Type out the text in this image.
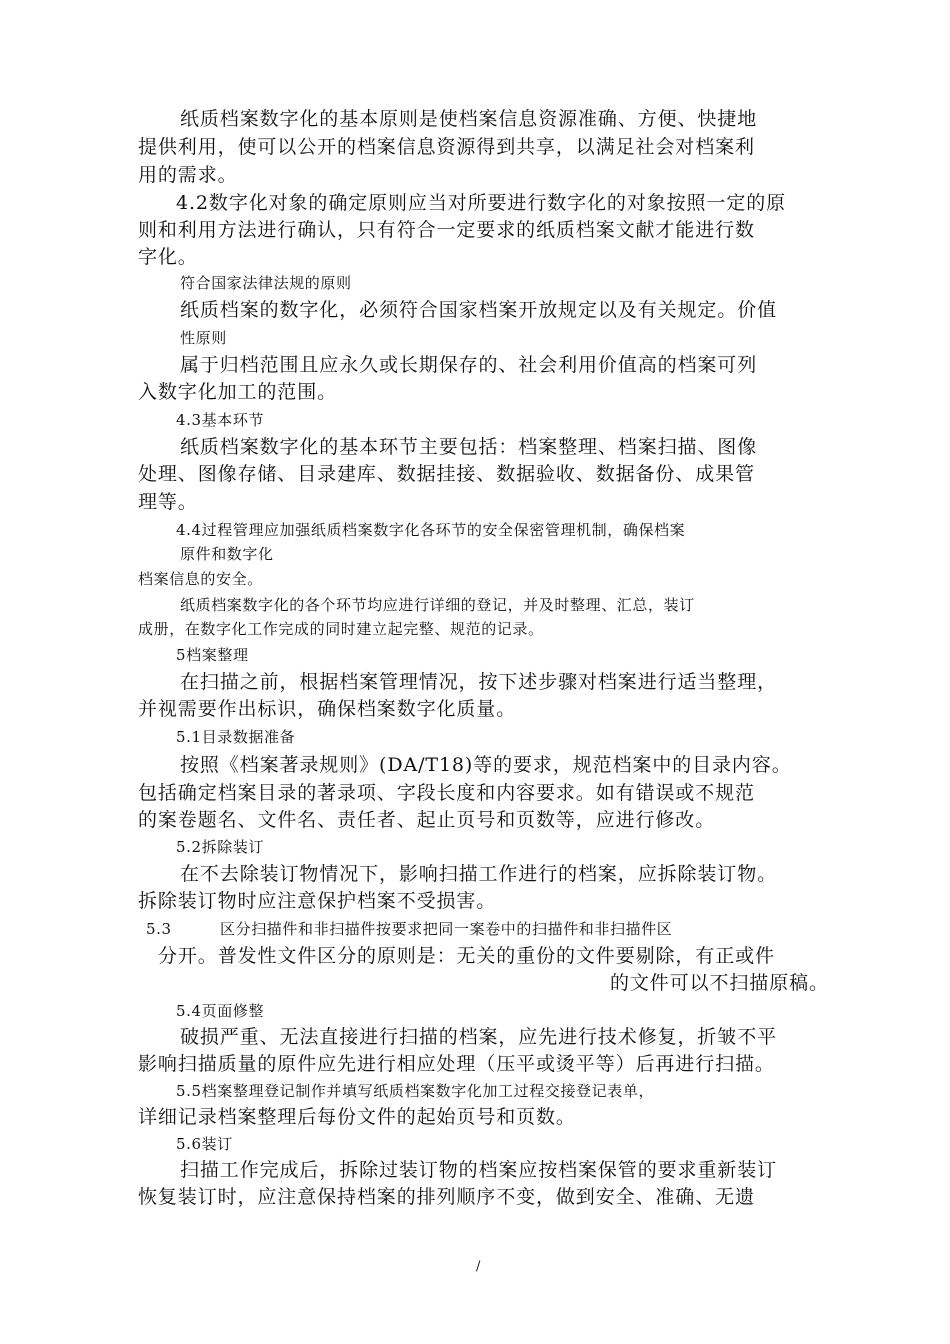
纸质档案数字化的基本原则是使档案信息资源准确、方便、快捷地
提供利用，使可以公开的档案信息资源得到共享，以满足社会对档案利
用的需求。
4.2数字化对象的确定原则应当对所要进行数字化的对象按照一定的原
则和利用方法进行确认，只有符合一定要求的纸质档案文献才能进行数
字化。
符合国家法律法规的原则
纸质档案的数字化，必须符合国家档案开放规定以及有关规定。价值
性原则
属于归档范围且应永久或长期保存的、社会利用价值高的档案可列
入数字化加工的范围。
4.3基本环节
纸质档案数字化的基本环节主要包括：档案整理、档案扫描、图像
处理、图像存储、目录建库、数据挂接、数据验收、数据备份、成果管
理等。
4.4过程管理应加强纸质档案数字化各环节的安全保密管理机制，确保档案
原件和数字化
档案信息的安全。
纸质档案数字化的各个环节均应进行详细的登记，并及时整理、汇总，装订
成册，在数字化工作完成的同时建立起完整、规范的记录。
5档案整理
在扫描之前，根据档案管理情况，按下述步骤对档案进行适当整理，
并视需要作出标识，确保档案数字化质量。
5.1目录数据准备
按照《档案著录规则》(DA/T18)等的要求，规范档案中的目录内容。
包括确定档案目录的著录项、字段长度和内容要求。如有错误或不规范
的案卷题名、文件名、责任者、起止页号和页数等，应进行修改。
5.2拆除装订
在不去除装订物情况下，影响扫描工作进行的档案，应拆除装订物。
拆除装订物时应注意保护档案不受损害。
5.3	区分扫描件和非扫描件按要求把同一案卷中的扫描件和非扫描件区
分开。普发性文件区分的原则是：无关的重份的文件要剔除，有正或件
的文件可以不扫描原稿。
5.4页面修整
破损严重、无法直接进行扫描的档案，应先进行技术修复，折皱不平
影响扫描质量的原件应先进行相应处理（压平或烫平等）后再进行扫描。
5.5档案整理登记制作并填写纸质档案数字化加工过程交接登记表单，
详细记录档案整理后每份文件的起始页号和页数。
5.6装订
扫描工作完成后，拆除过装订物的档案应按档案保管的要求重新装订
恢复装订时，应注意保持档案的排列顺序不变，做到安全、准确、无遗
/
